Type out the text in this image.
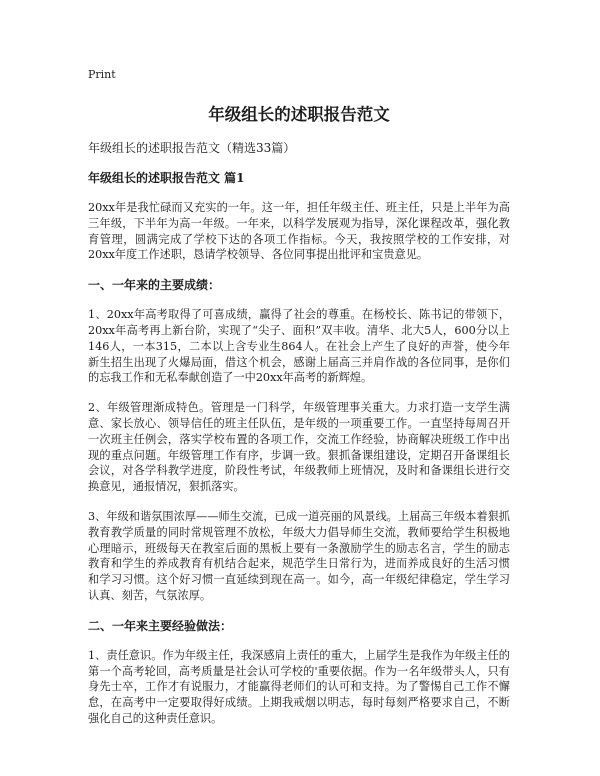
Print
年级组长的述职报告范文
年级组长的述职报告范文（精选33篇）
年级组长的述职报告范文 篇1

20xx年是我忙碌而又充实的一年。这一年，担任年级主任、班主任，只是上半年为高三年级，下半年为高一年级。一年来，以科学发展观为指导，深化课程改革，强化教育管理，圆满完成了学校下达的各项工作指标。今天，我按照学校的工作安排，对20xx年度工作述职，恳请学校领导、各位同事提出批评和宝贵意见。

一、一年来的主要成绩：

1、20xx年高考取得了可喜成绩，赢得了社会的尊重。在杨校长、陈书记的带领下，20xx年高考再上新台阶，实现了“尖子、面积”双丰收。清华、北大5人，600分以上146人，一本315，二本以上含专业生864人。在社会上产生了良好的声誉，使今年新生招生出现了火爆局面，借这个机会，感谢上届高三并肩作战的各位同事，是你们的忘我工作和无私奉献创造了一中20xx年高考的新辉煌。

2、年级管理渐成特色。管理是一门科学，年级管理事关重大。力求打造一支学生满意、家长放心、领导信任的班主任队伍，是年级的一项重要工作。一直坚持每周召开一次班主任例会，落实学校布置的各项工作，交流工作经验，协商解决班级工作中出现的重点问题。年级管理工作有序，步调一致。狠抓备课组建设，定期召开备课组长会议，对各学科教学进度，阶段性考试，年级教师上班情况，及时和备课组长进行交换意见，通报情况，狠抓落实。

3、年级和谐氛围浓厚——师生交流，已成一道亮丽的风景线。上届高三年级本着狠抓教育教学质量的同时常规管理不放松，年级大力倡导师生交流，教师要给学生积极地心理暗示，班级每天在教室后面的黑板上要有一条激励学生的励志名言，学生的励志教育和学生的养成教育有机结合起来，规范学生日常行为，进而养成良好的生活习惯和学习习惯。这个好习惯一直延续到现在高一。如今，高一年级纪律稳定，学生学习认真、刻苦，气氛浓厚。

二、一年来主要经验做法：

1、责任意识。作为年级主任，我深感肩上责任的重大，上届学生是我作为年级主任的第一个高考轮回，高考质量是社会认可学校的'重要依据。作为一名年级带头人，只有身先士卒，工作才有说服力，才能赢得老师们的认可和支持。为了警惕自己工作不懈怠，在高考中一定要取得好成绩。上期我戒烟以明志，每时每刻严格要求自己，不断强化自己的这种责任意识。
